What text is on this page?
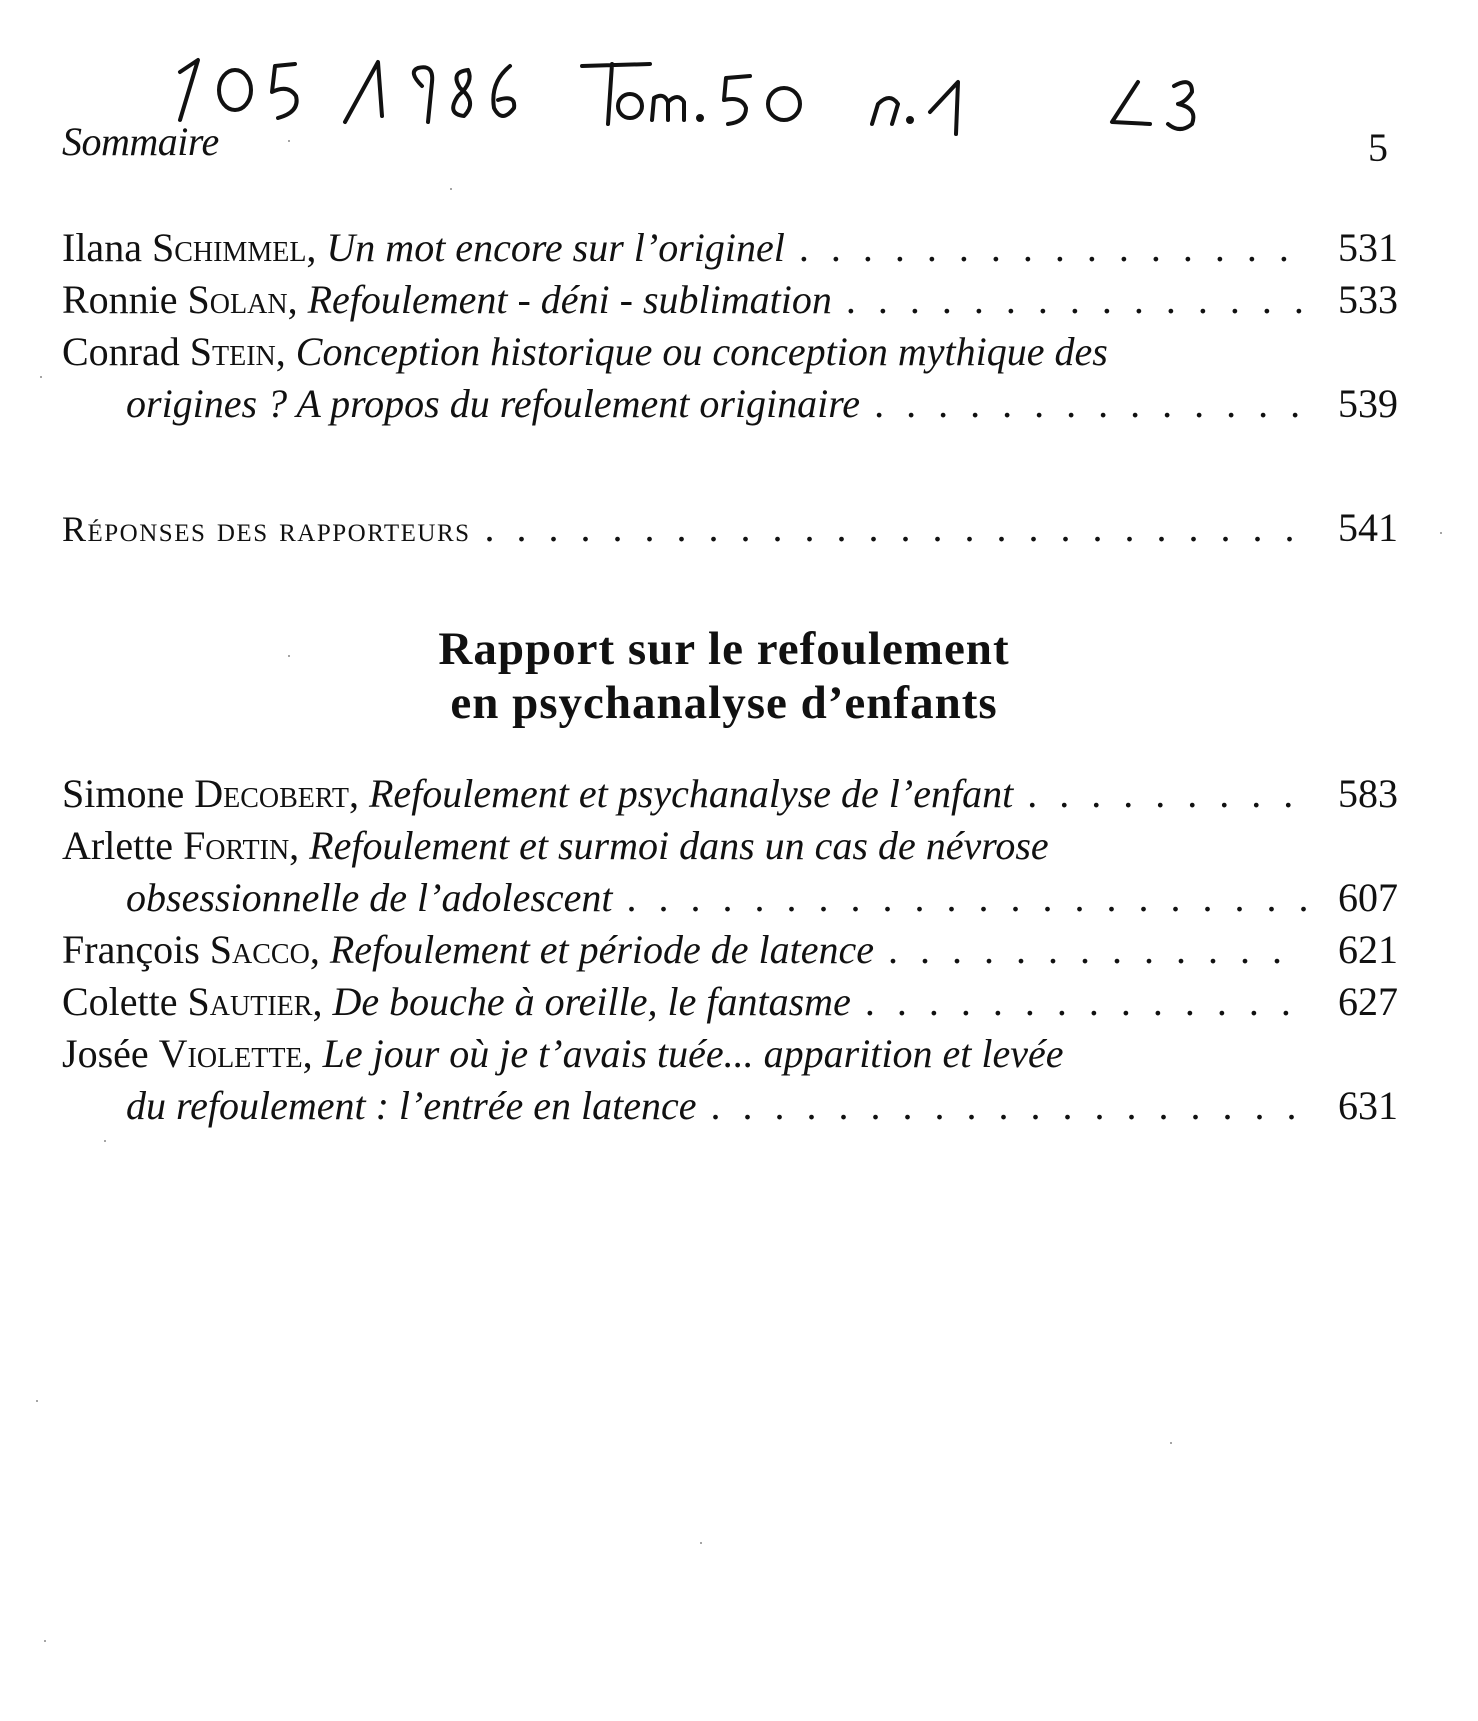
Sommaire	5
Ilana Schimmel, Un mot encore sur l’originel . . .	531
Ronnie Solan, Refoulement - déni - sublimation . . .	533
Conrad Stein, Conception historique ou conception mythique des
origines ? A propos du refoulement originaire . . .	539
Réponses des rapporteurs . . .	541
Rapport sur le refoulement
en psychanalyse d’enfants
Simone Decobert, Refoulement et psychanalyse de l’enfant . . .	583
Arlette Fortin, Refoulement et surmoi dans un cas de névrose
obsessionnelle de l’adolescent . . .	607
François Sacco, Refoulement et période de latence . . .	621
Colette Sautier, De bouche à oreille, le fantasme . . .	627
Josée Violette, Le jour où je t’avais tuée... apparition et levée
du refoulement : l’entrée en latence . . .	631
